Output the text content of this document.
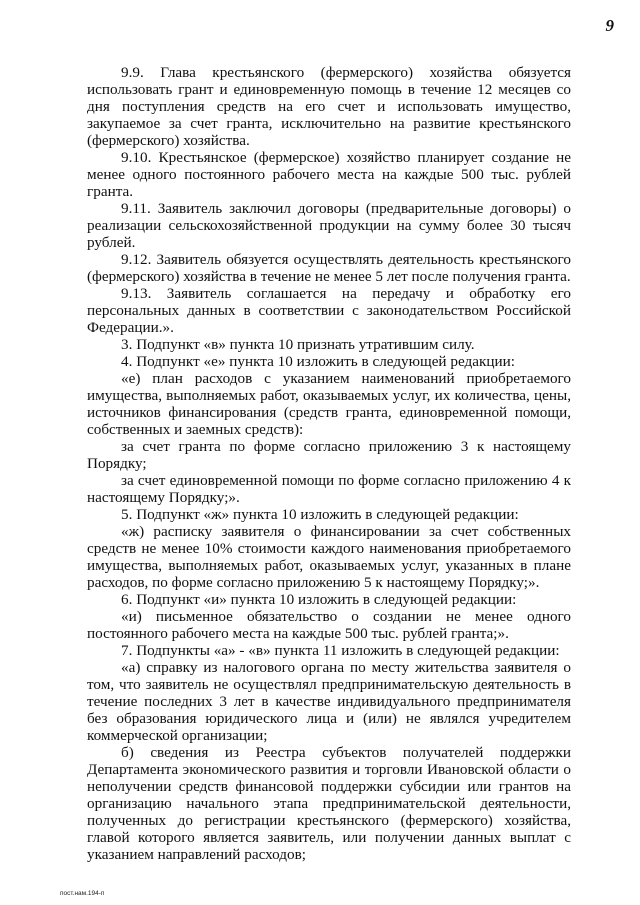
9

9.9. Глава крестьянского (фермерского) хозяйства обязуется использовать грант и единовременную помощь в течение 12 месяцев со дня поступления средств на его счет и использовать имущество, закупаемое за счет гранта, исключительно на развитие крестьянского (фермерского) хозяйства.

9.10. Крестьянское (фермерское) хозяйство планирует создание не менее одного постоянного рабочего места на каждые 500 тыс. рублей гранта.

9.11. Заявитель заключил договоры (предварительные договоры) о реализации сельскохозяйственной продукции на сумму более 30 тысяч рублей.

9.12. Заявитель обязуется осуществлять деятельность крестьянского (фермерского) хозяйства в течение не менее 5 лет после получения гранта.

9.13. Заявитель соглашается на передачу и обработку его персональных данных в соответствии с законодательством Российской Федерации.».

3. Подпункт «в» пункта 10 признать утратившим силу.

4. Подпункт «е» пункта 10 изложить в следующей редакции:

«е) план расходов с указанием наименований приобретаемого имущества, выполняемых работ, оказываемых услуг, их количества, цены, источников финансирования (средств гранта, единовременной помощи, собственных и заемных средств):

за счет гранта по форме согласно приложению 3 к настоящему Порядку;

за счет единовременной помощи по форме согласно приложению 4 к настоящему Порядку;».

5. Подпункт «ж» пункта 10 изложить в следующей редакции:

«ж) расписку заявителя о финансировании за счет собственных средств не менее 10% стоимости каждого наименования приобретаемого имущества, выполняемых работ, оказываемых услуг, указанных в плане расходов, по форме согласно приложению 5 к настоящему Порядку;».

6. Подпункт «и» пункта 10 изложить в следующей редакции:

«и) письменное обязательство о создании не менее одного постоянного рабочего места на каждые 500 тыс. рублей гранта;».

7. Подпункты «а» - «в» пункта 11 изложить в следующей редакции:

«а) справку из налогового органа по месту жительства заявителя о том, что заявитель не осуществлял предпринимательскую деятельность в течение последних 3 лет в качестве индивидуального предпринимателя без образования юридического лица и (или) не являлся учредителем коммерческой организации;

б) сведения из Реестра субъектов получателей поддержки Департамента экономического развития и торговли Ивановской области о неполучении средств финансовой поддержки субсидии или грантов на организацию начального этапа предпринимательской деятельности, полученных до регистрации крестьянского (фермерского) хозяйства, главой которого является заявитель, или получении данных выплат с указанием направлений расходов;

пост.нам.194-п
